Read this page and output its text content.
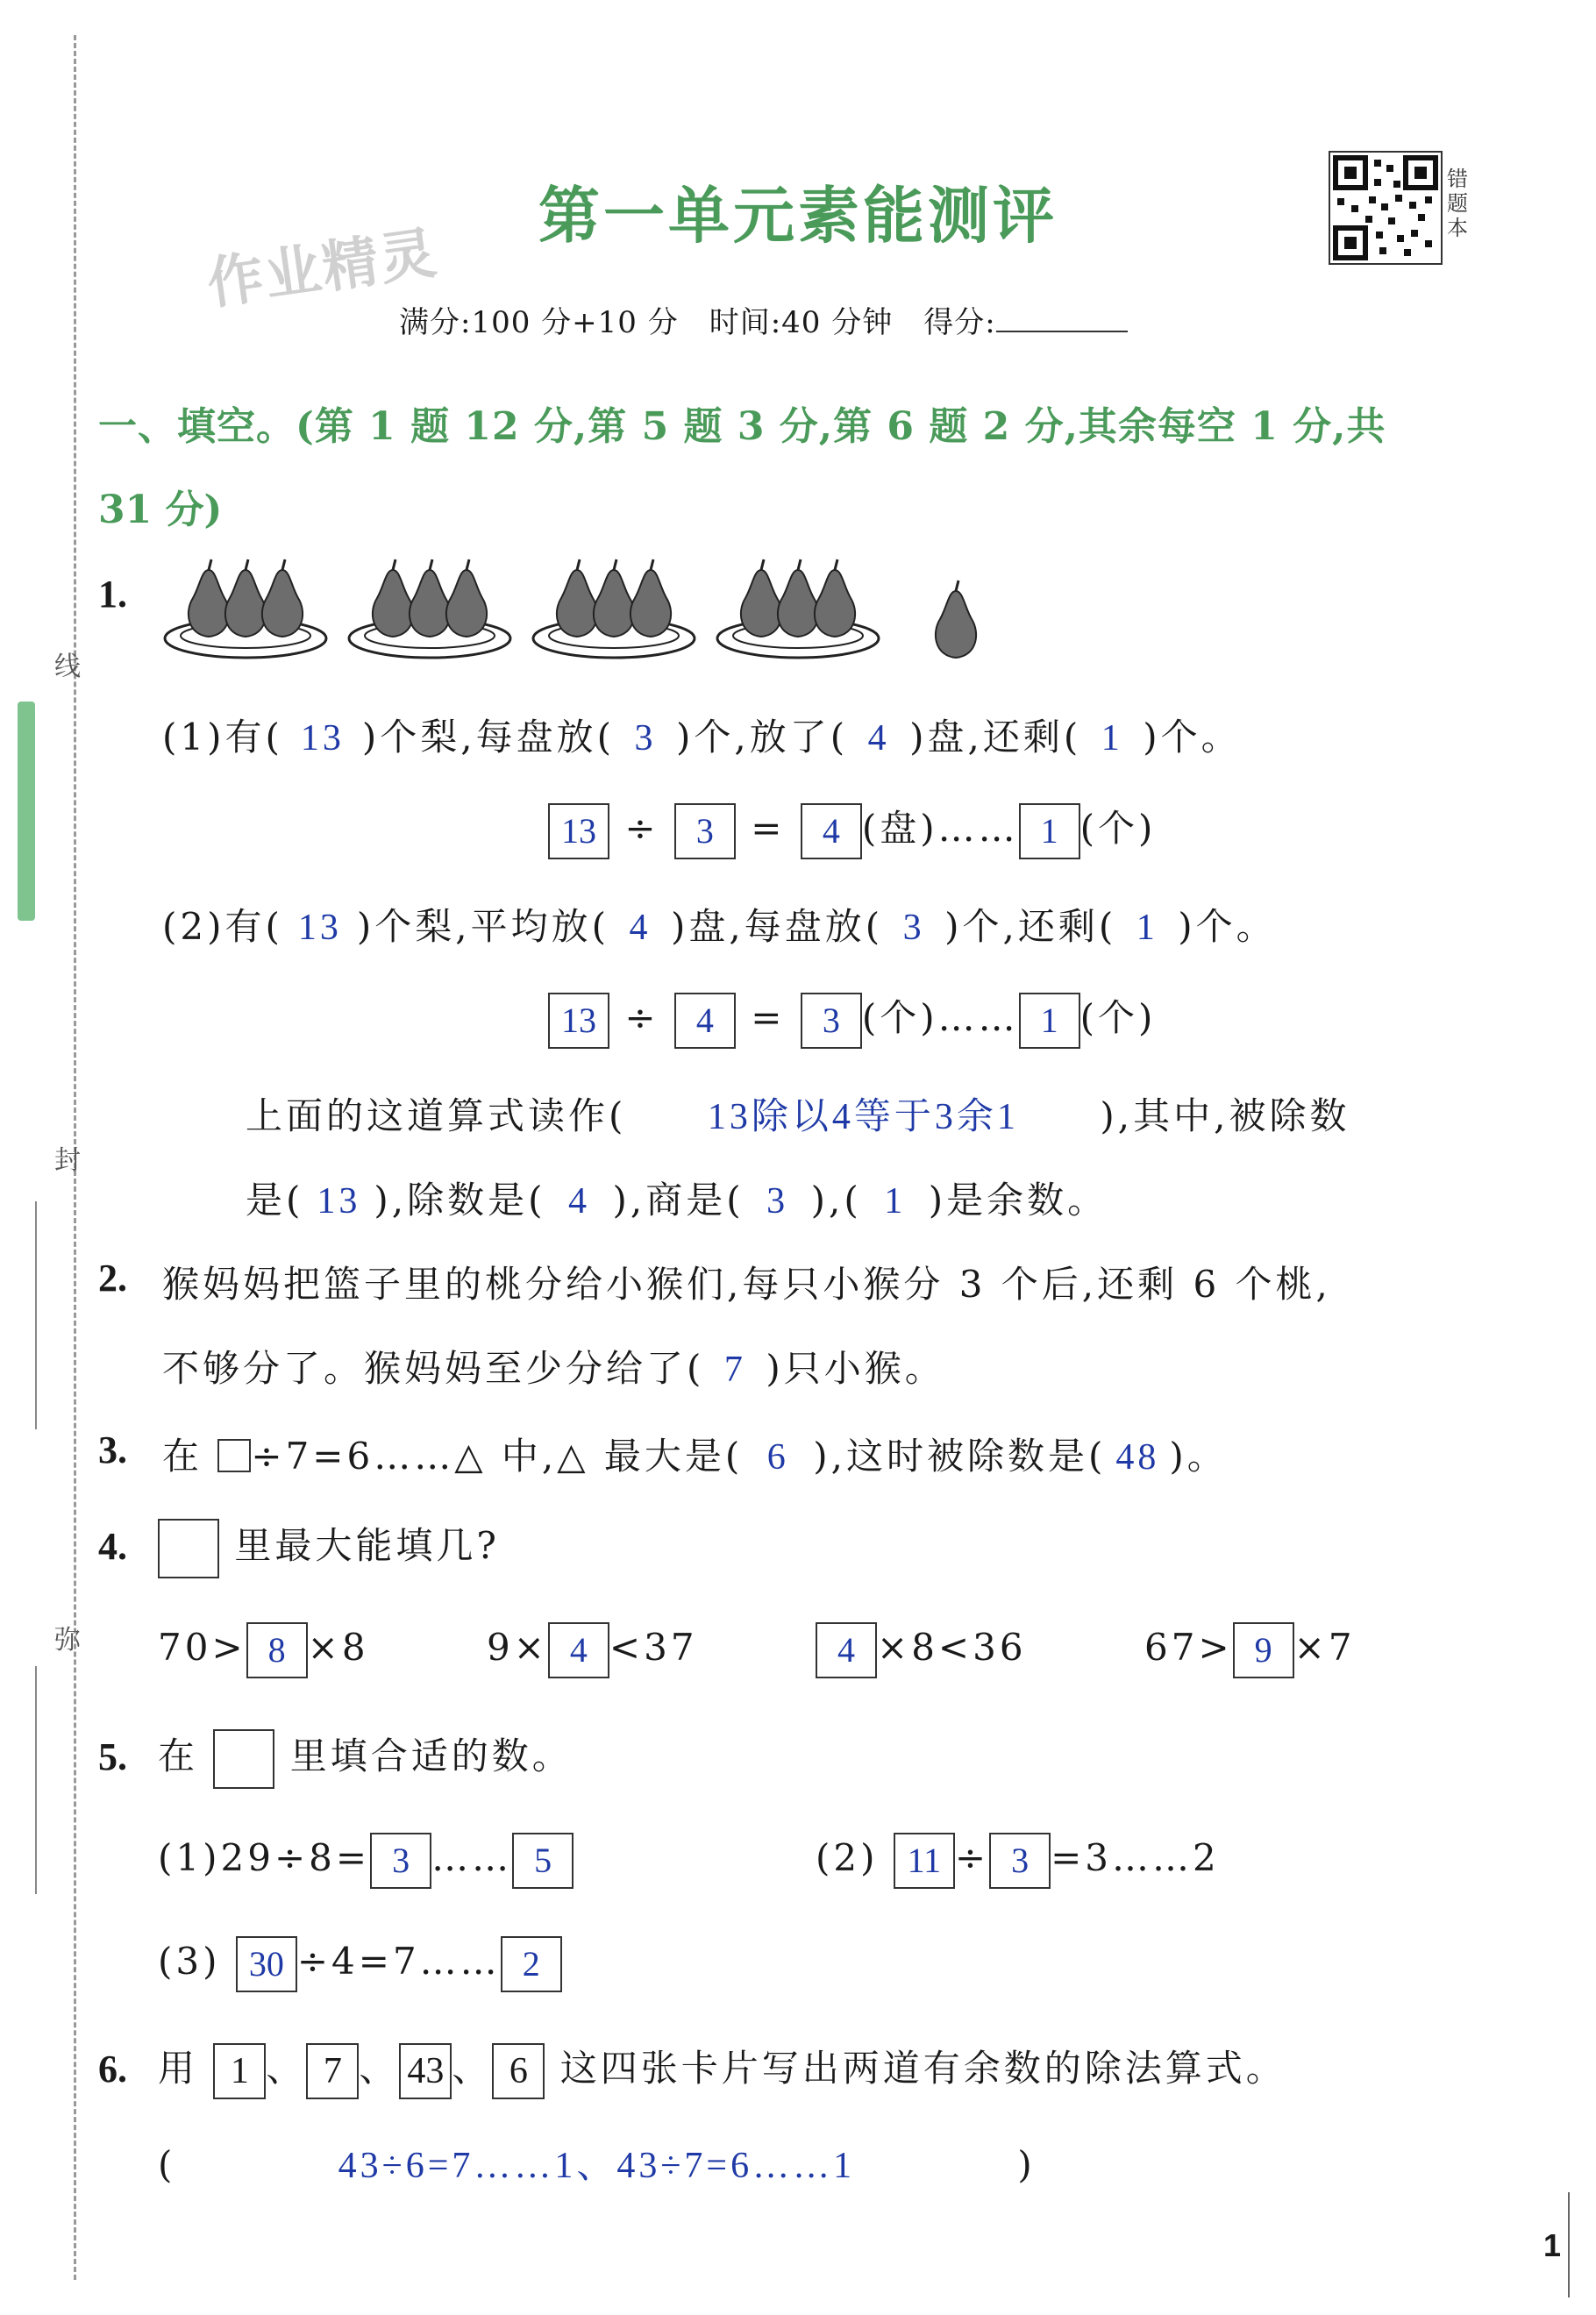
线
封
弥
第一单元素能测评
作业精灵
错题本
满分:100 分+10 分　时间:40 分钟　得分:
一、填空。(第 1 题 12 分,第 5 题 3 分,第 6 题 2 分,其余每空 1 分,共
31 分)
1.
(1)有( 13 )个梨,每盘放( 3 )个,放了( 4 )盘,还剩( 1 )个。
13 ÷ 3 = 4 (盘)…… 1 (个)
(2)有( 13 )个梨,平均放( 4 )盘,每盘放( 3 )个,还剩( 1 )个。
13 ÷ 4 = 3 (个)…… 1 (个)
上面的这道算式读作( 13除以4等于3余1 ),其中,被除数
是( 13 ),除数是( 4 ),商是( 3 ),( 1 )是余数。
2. 猴妈妈把篮子里的桃分给小猴们,每只小猴分 3 个后,还剩 6 个桃,
不够分了。猴妈妈至少分给了( 7 )只小猴。
3. 在 ÷7=6……△ 中,△ 最大是( 6 ),这时被除数是( 48 )。
4.	里最大能填几?
70> 8 ×8	9× 4 <37	4 ×8<36	67> 9 ×7
5. 在 里填合适的数。
(1)29÷8= 3 …… 5	(2) 11 ÷ 3 =3……2
(3) 30 ÷4=7…… 2
6. 用 1 、 7 、 43 、 6 这四张卡片写出两道有余数的除法算式。
(	43÷6=7……1、43÷7=6……1	)
1
